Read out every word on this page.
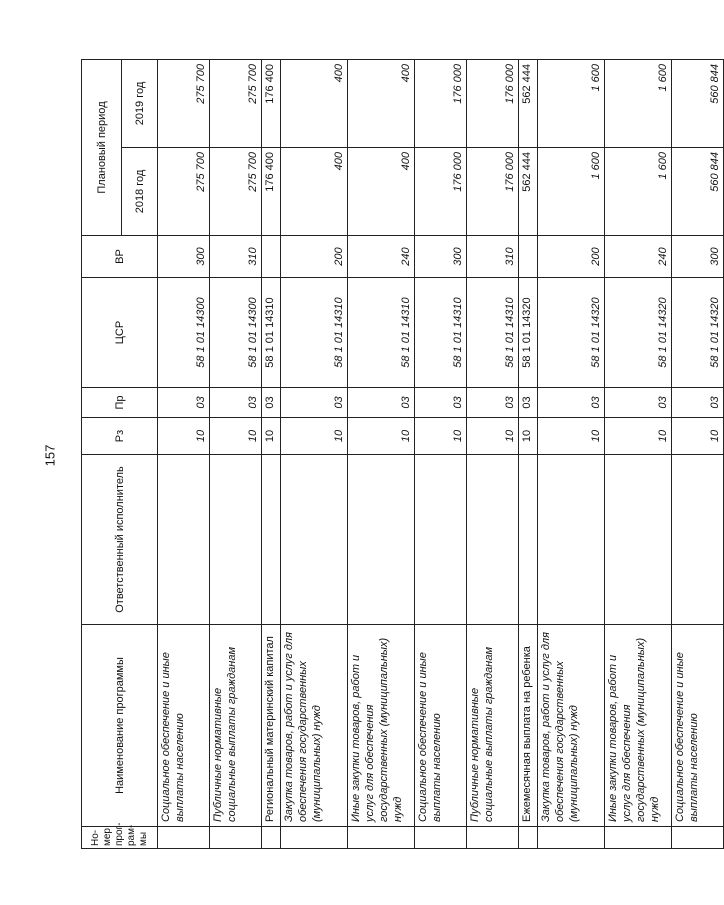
157
Но-мер прог-рам-мы	Наименование программы	Ответственный исполнитель	Рз	Пр	ЦСР	ВР	Плановый период	
							2018 год	2019 год
	Социальное обеспечение и иные выплаты населению		10	03	58 1 01 14300	300	275 700	275 700
	Публичные нормативные социальные выплаты гражданам		10	03	58 1 01 14300	310	275 700	275 700
	Региональный материнский капитал		10	03	58 1 01 14310		176 400	176 400
	Закупка товаров, работ и услуг для обеспечения государственных (муниципальных) нужд		10	03	58 1 01 14310	200	400	400
	Иные закупки товаров, работ и услуг для обеспечения государственных (муниципальных) нужд		10	03	58 1 01 14310	240	400	400
	Социальное обеспечение и иные выплаты населению		10	03	58 1 01 14310	300	176 000	176 000
	Публичные нормативные социальные выплаты гражданам		10	03	58 1 01 14310	310	176 000	176 000
	Ежемесячная выплата на ребенка		10	03	58 1 01 14320		562 444	562 444
	Закупка товаров, работ и услуг для обеспечения государственных (муниципальных) нужд		10	03	58 1 01 14320	200	1 600	1 600
	Иные закупки товаров, работ и услуг для обеспечения государственных (муниципальных) нужд		10	03	58 1 01 14320	240	1 600	1 600
	Социальное обеспечение и иные выплаты населению		10	03	58 1 01 14320	300	560 844	560 844
